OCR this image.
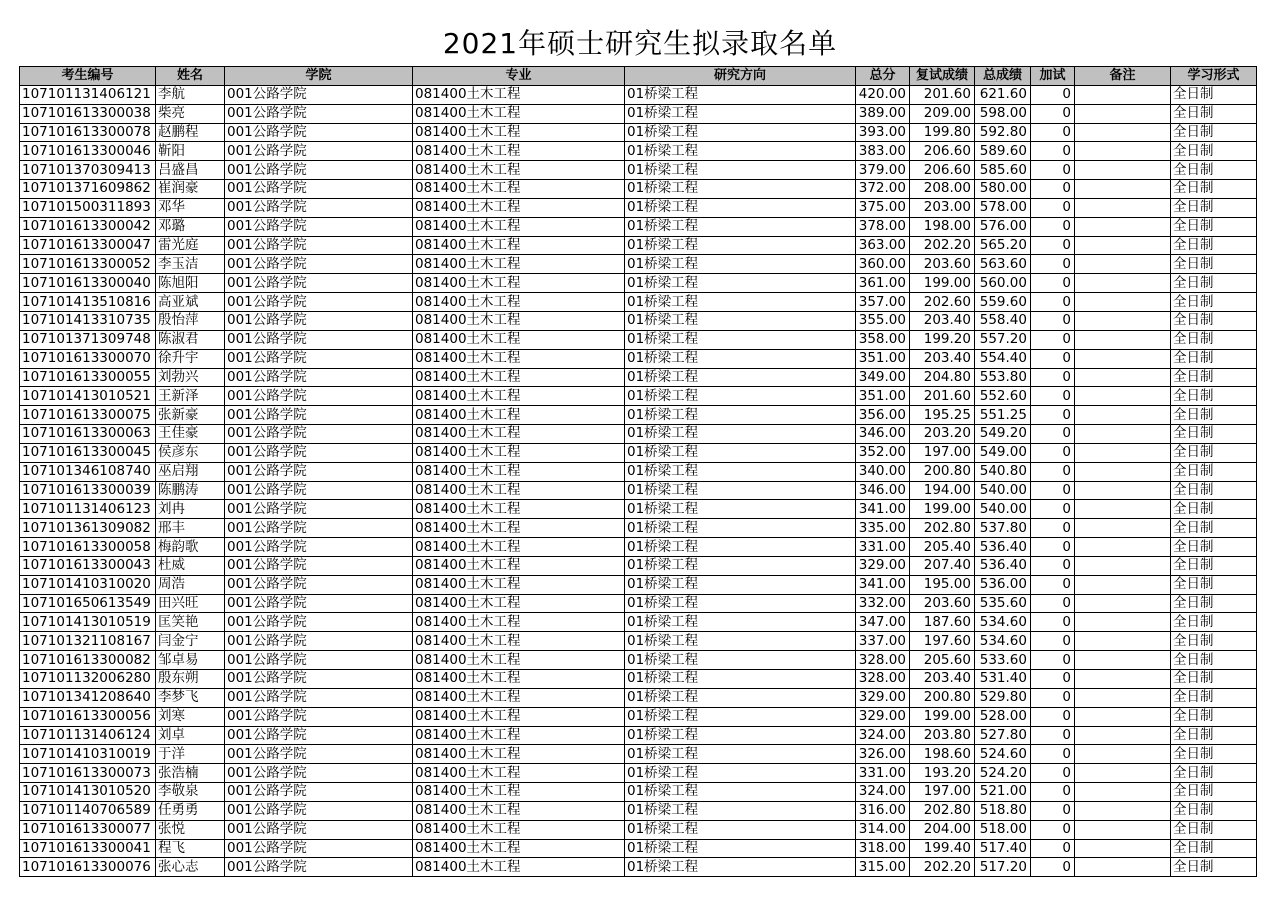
2021年硕士研究生拟录取名单
考生编号	姓名	学院	专业	研究方向	总分	复试成绩	总成绩	加试	备注	学习形式
107101131406121	李航	001公路学院	081400土木工程	01桥梁工程	420.00	201.60	621.60	0		全日制
107101613300038	柴亮	001公路学院	081400土木工程	01桥梁工程	389.00	209.00	598.00	0		全日制
107101613300078	赵鹏程	001公路学院	081400土木工程	01桥梁工程	393.00	199.80	592.80	0		全日制
107101613300046	靳阳	001公路学院	081400土木工程	01桥梁工程	383.00	206.60	589.60	0		全日制
107101370309413	吕盛昌	001公路学院	081400土木工程	01桥梁工程	379.00	206.60	585.60	0		全日制
107101371609862	崔润豪	001公路学院	081400土木工程	01桥梁工程	372.00	208.00	580.00	0		全日制
107101500311893	邓华	001公路学院	081400土木工程	01桥梁工程	375.00	203.00	578.00	0		全日制
107101613300042	邓璐	001公路学院	081400土木工程	01桥梁工程	378.00	198.00	576.00	0		全日制
107101613300047	雷光庭	001公路学院	081400土木工程	01桥梁工程	363.00	202.20	565.20	0		全日制
107101613300052	李玉洁	001公路学院	081400土木工程	01桥梁工程	360.00	203.60	563.60	0		全日制
107101613300040	陈旭阳	001公路学院	081400土木工程	01桥梁工程	361.00	199.00	560.00	0		全日制
107101413510816	高亚斌	001公路学院	081400土木工程	01桥梁工程	357.00	202.60	559.60	0		全日制
107101413310735	殷怡萍	001公路学院	081400土木工程	01桥梁工程	355.00	203.40	558.40	0		全日制
107101371309748	陈淑君	001公路学院	081400土木工程	01桥梁工程	358.00	199.20	557.20	0		全日制
107101613300070	徐升宇	001公路学院	081400土木工程	01桥梁工程	351.00	203.40	554.40	0		全日制
107101613300055	刘勃兴	001公路学院	081400土木工程	01桥梁工程	349.00	204.80	553.80	0		全日制
107101413010521	王新泽	001公路学院	081400土木工程	01桥梁工程	351.00	201.60	552.60	0		全日制
107101613300075	张新豪	001公路学院	081400土木工程	01桥梁工程	356.00	195.25	551.25	0		全日制
107101613300063	王佳豪	001公路学院	081400土木工程	01桥梁工程	346.00	203.20	549.20	0		全日制
107101613300045	侯彦东	001公路学院	081400土木工程	01桥梁工程	352.00	197.00	549.00	0		全日制
107101346108740	巫启翔	001公路学院	081400土木工程	01桥梁工程	340.00	200.80	540.80	0		全日制
107101613300039	陈鹏涛	001公路学院	081400土木工程	01桥梁工程	346.00	194.00	540.00	0		全日制
107101131406123	刘冉	001公路学院	081400土木工程	01桥梁工程	341.00	199.00	540.00	0		全日制
107101361309082	邢丰	001公路学院	081400土木工程	01桥梁工程	335.00	202.80	537.80	0		全日制
107101613300058	梅韵歌	001公路学院	081400土木工程	01桥梁工程	331.00	205.40	536.40	0		全日制
107101613300043	杜威	001公路学院	081400土木工程	01桥梁工程	329.00	207.40	536.40	0		全日制
107101410310020	周浩	001公路学院	081400土木工程	01桥梁工程	341.00	195.00	536.00	0		全日制
107101650613549	田兴旺	001公路学院	081400土木工程	01桥梁工程	332.00	203.60	535.60	0		全日制
107101413010519	匡笑艳	001公路学院	081400土木工程	01桥梁工程	347.00	187.60	534.60	0		全日制
107101321108167	闫金宁	001公路学院	081400土木工程	01桥梁工程	337.00	197.60	534.60	0		全日制
107101613300082	邹卓易	001公路学院	081400土木工程	01桥梁工程	328.00	205.60	533.60	0		全日制
107101132006280	殷东朔	001公路学院	081400土木工程	01桥梁工程	328.00	203.40	531.40	0		全日制
107101341208640	李梦飞	001公路学院	081400土木工程	01桥梁工程	329.00	200.80	529.80	0		全日制
107101613300056	刘寒	001公路学院	081400土木工程	01桥梁工程	329.00	199.00	528.00	0		全日制
107101131406124	刘卓	001公路学院	081400土木工程	01桥梁工程	324.00	203.80	527.80	0		全日制
107101410310019	于洋	001公路学院	081400土木工程	01桥梁工程	326.00	198.60	524.60	0		全日制
107101613300073	张浩楠	001公路学院	081400土木工程	01桥梁工程	331.00	193.20	524.20	0		全日制
107101413010520	李敬泉	001公路学院	081400土木工程	01桥梁工程	324.00	197.00	521.00	0		全日制
107101140706589	任勇勇	001公路学院	081400土木工程	01桥梁工程	316.00	202.80	518.80	0		全日制
107101613300077	张悦	001公路学院	081400土木工程	01桥梁工程	314.00	204.00	518.00	0		全日制
107101613300041	程飞	001公路学院	081400土木工程	01桥梁工程	318.00	199.40	517.40	0		全日制
107101613300076	张心志	001公路学院	081400土木工程	01桥梁工程	315.00	202.20	517.20	0		全日制
